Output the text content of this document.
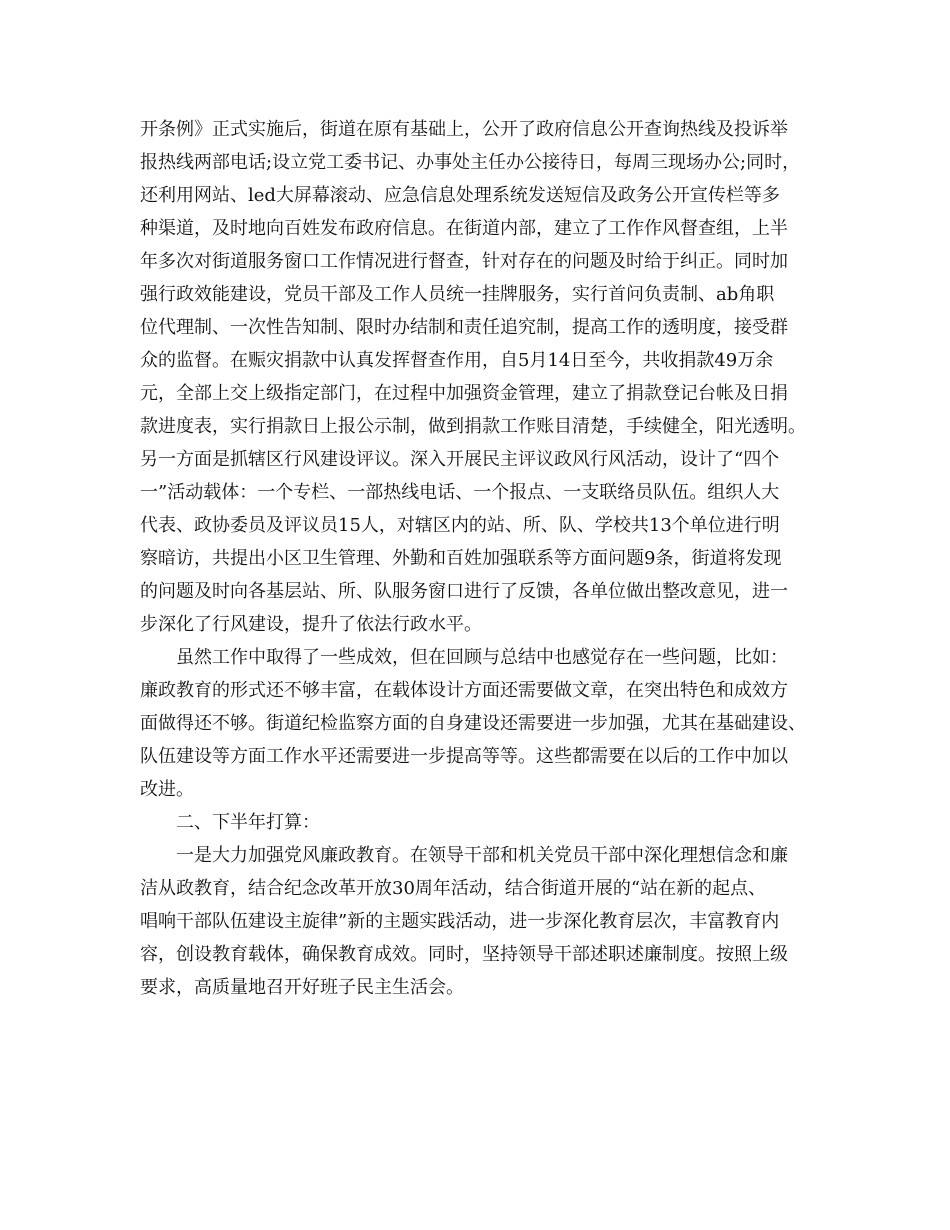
开条例》正式实施后，街道在原有基础上，公开了政府信息公开查询热线及投诉举
报热线两部电话;设立党工委书记、办事处主任办公接待日，每周三现场办公;同时，
还利用网站、led大屏幕滚动、应急信息处理系统发送短信及政务公开宣传栏等多
种渠道，及时地向百姓发布政府信息。在街道内部，建立了工作作风督查组，上半
年多次对街道服务窗口工作情况进行督查，针对存在的问题及时给于纠正。同时加
强行政效能建设，党员干部及工作人员统一挂牌服务，实行首问负责制、ab角职
位代理制、一次性告知制、限时办结制和责任追究制，提高工作的透明度，接受群
众的监督。在赈灾捐款中认真发挥督查作用，自5月14日至今，共收捐款49万余
元，全部上交上级指定部门，在过程中加强资金管理，建立了捐款登记台帐及日捐
款进度表，实行捐款日上报公示制，做到捐款工作账目清楚，手续健全，阳光透明。
另一方面是抓辖区行风建设评议。深入开展民主评议政风行风活动，设计了“四个
一”活动载体：一个专栏、一部热线电话、一个报点、一支联络员队伍。组织人大
代表、政协委员及评议员15人，对辖区内的站、所、队、学校共13个单位进行明
察暗访，共提出小区卫生管理、外勤和百姓加强联系等方面问题9条，街道将发现
的问题及时向各基层站、所、队服务窗口进行了反馈，各单位做出整改意见，进一
步深化了行风建设，提升了依法行政水平。
虽然工作中取得了一些成效，但在回顾与总结中也感觉存在一些问题，比如：
廉政教育的形式还不够丰富，在载体设计方面还需要做文章，在突出特色和成效方
面做得还不够。街道纪检监察方面的自身建设还需要进一步加强，尤其在基础建设、
队伍建设等方面工作水平还需要进一步提高等等。这些都需要在以后的工作中加以
改进。
二、下半年打算：
一是大力加强党风廉政教育。在领导干部和机关党员干部中深化理想信念和廉
洁从政教育，结合纪念改革开放30周年活动，结合街道开展的“站在新的起点、
唱响干部队伍建设主旋律”新的主题实践活动，进一步深化教育层次，丰富教育内
容，创设教育载体，确保教育成效。同时，坚持领导干部述职述廉制度。按照上级
要求，高质量地召开好班子民主生活会。
